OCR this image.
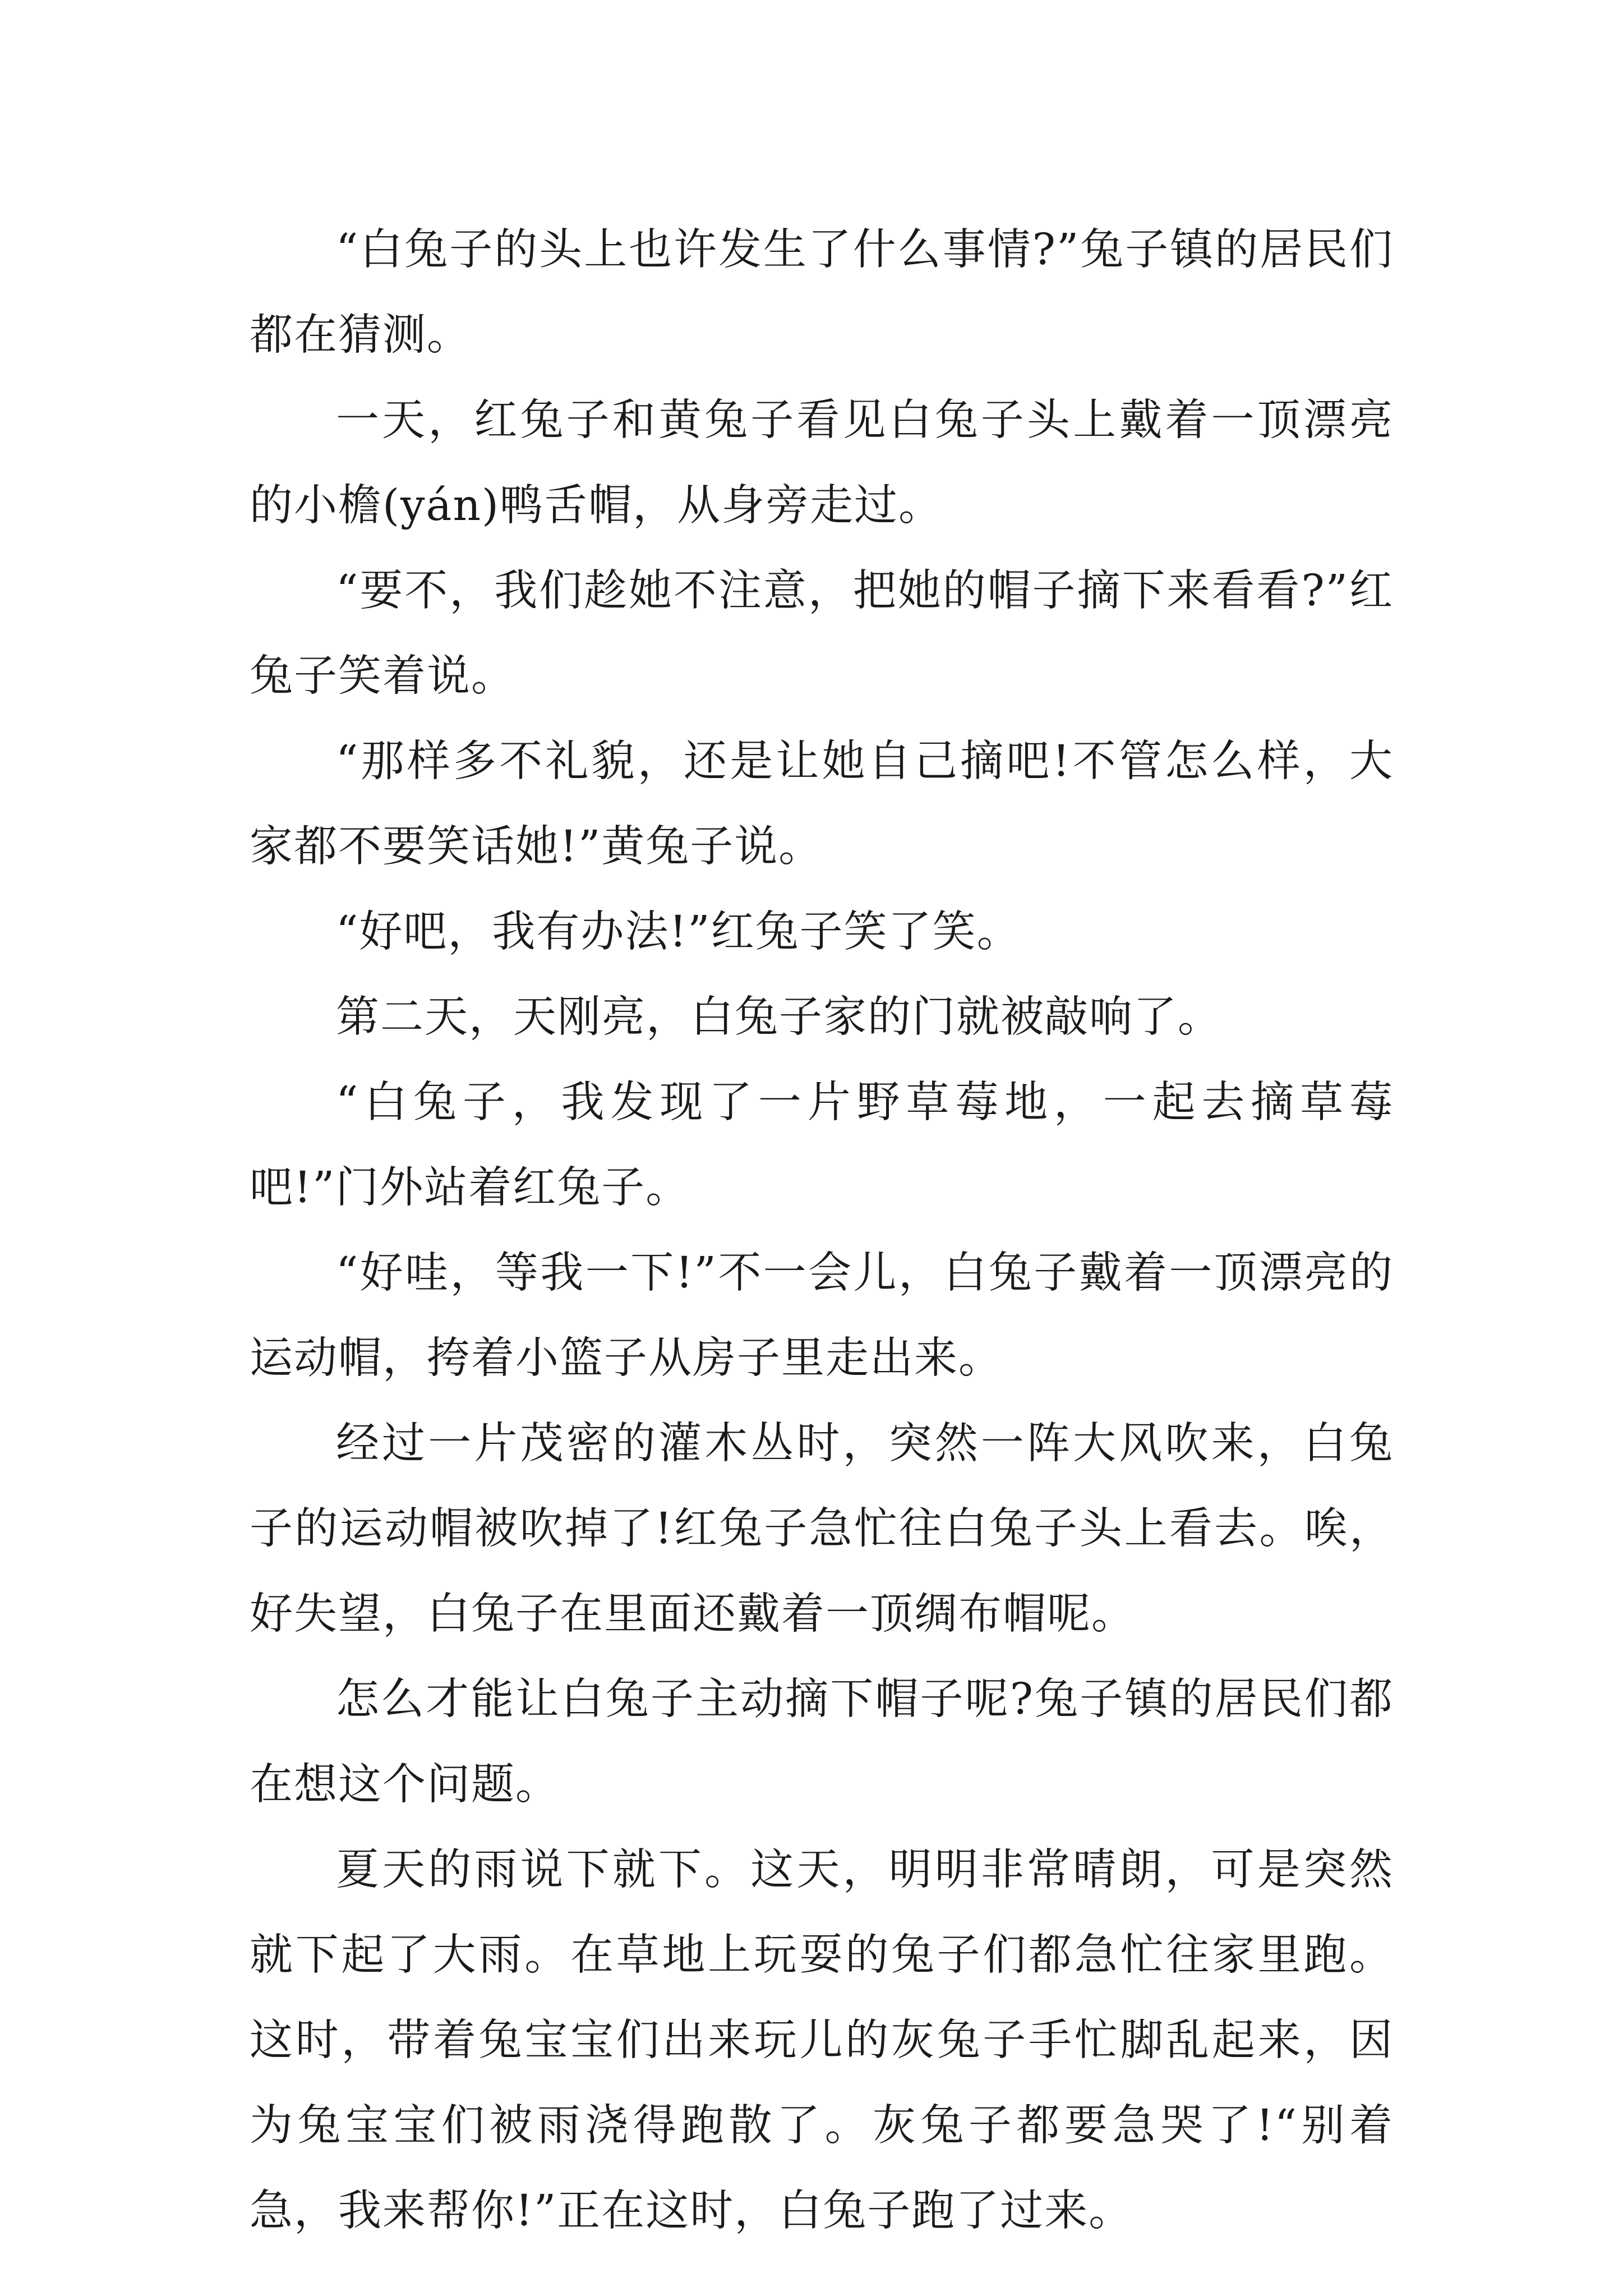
“白兔子的头上也许发生了什么事情?”兔子镇的居民们都在猜测。

一天，红兔子和黄兔子看见白兔子头上戴着一顶漂亮的小檐(yán)鸭舌帽，从身旁走过。

“要不，我们趁她不注意，把她的帽子摘下来看看?”红兔子笑着说。

“那样多不礼貌，还是让她自己摘吧!不管怎么样，大家都不要笑话她!”黄兔子说。

“好吧，我有办法!”红兔子笑了笑。

第二天，天刚亮，白兔子家的门就被敲响了。

“白兔子，我发现了一片野草莓地，一起去摘草莓吧!”门外站着红兔子。

“好哇，等我一下!”不一会儿，白兔子戴着一顶漂亮的运动帽，挎着小篮子从房子里走出来。

经过一片茂密的灌木丛时，突然一阵大风吹来，白兔子的运动帽被吹掉了!红兔子急忙往白兔子头上看去。唉，好失望，白兔子在里面还戴着一顶绸布帽呢。

怎么才能让白兔子主动摘下帽子呢?兔子镇的居民们都在想这个问题。

夏天的雨说下就下。这天，明明非常晴朗，可是突然就下起了大雨。在草地上玩耍的兔子们都急忙往家里跑。这时，带着兔宝宝们出来玩儿的灰兔子手忙脚乱起来，因为兔宝宝们被雨浇得跑散了。灰兔子都要急哭了!“别着急，我来帮你!”正在这时，白兔子跑了过来。
